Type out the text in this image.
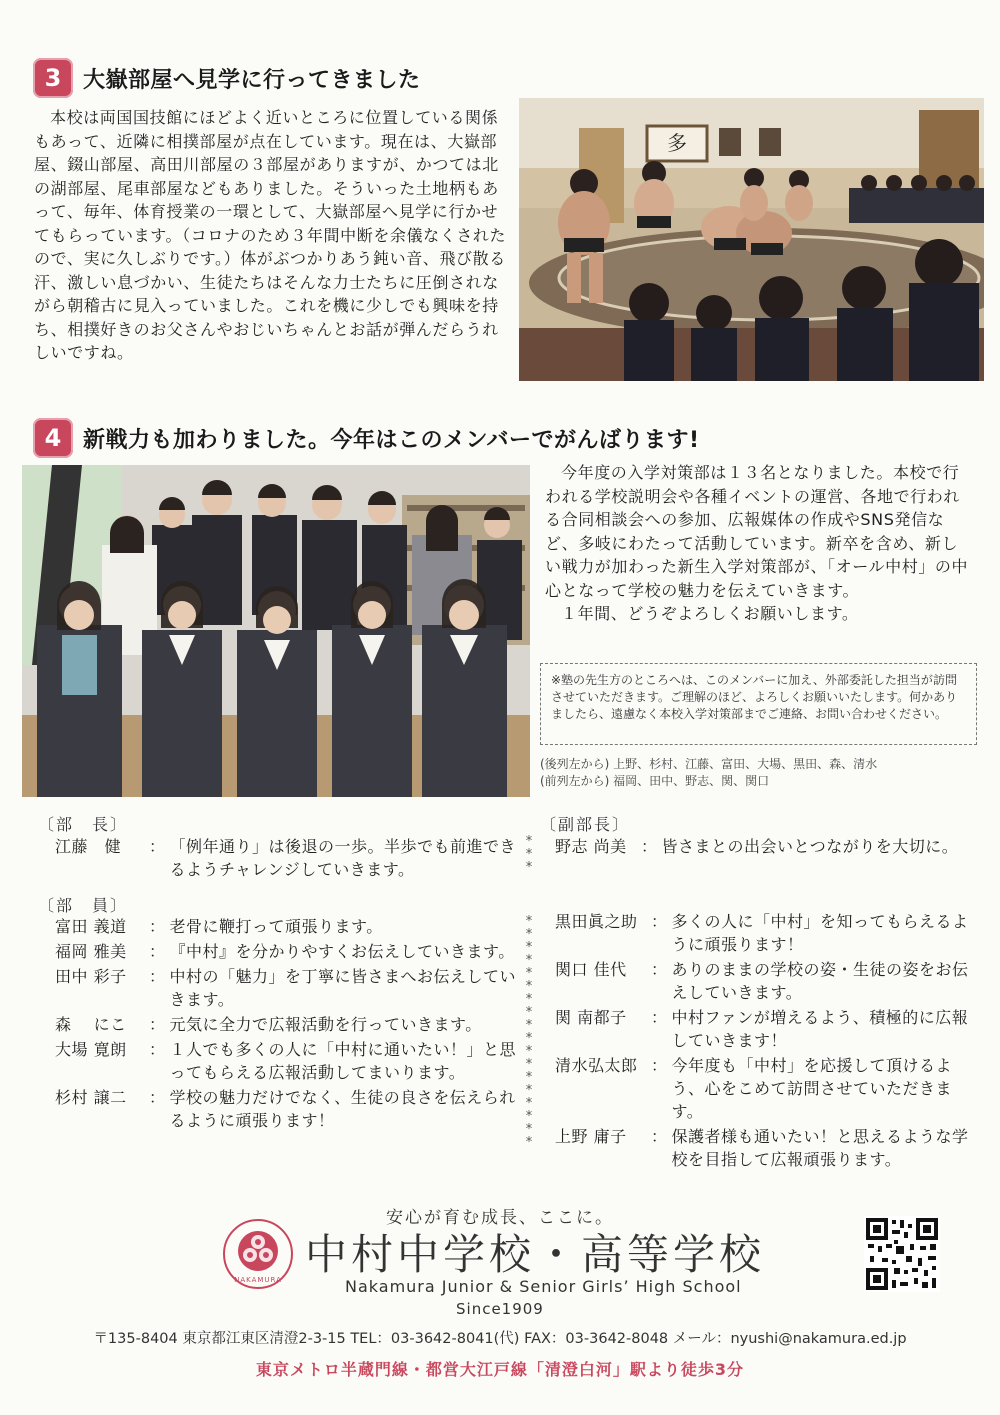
3 大嶽部屋へ見学に行ってきました

本校は両国国技館にほどよく近いところに位置している関係もあって、近隣に相撲部屋が点在しています。現在は、大嶽部屋、錣山部屋、高田川部屋の３部屋がありますが、かつては北の湖部屋、尾車部屋などもありました。そういった土地柄もあって、毎年、体育授業の一環として、大嶽部屋へ見学に行かせてもらっています。（コロナのため３年間中断を余儀なくされたので、実に久しぶりです。）体がぶつかりあう鈍い音、飛び散る汗、激しい息づかい、生徒たちはそんな力士たちに圧倒されながら朝稽古に見入っていました。これを機に少しでも興味を持ち、相撲好きのお父さんやおじいちゃんとお話が弾んだらうれしいですね。

多
4 新戦力も加わりました。今年はこのメンバーでがんばります!

今年度の入学対策部は１３名となりました。本校で行われる学校説明会や各種イベントの運営、各地で行われる合同相談会への参加、広報媒体の作成やSNS発信など、多岐にわたって活動しています。新卒を含め、新しい戦力が加わった新生入学対策部が、「オール中村」の中心となって学校の魅力を伝えていきます。

１年間、どうぞよろしくお願いします。

※塾の先生方のところへは、このメンバーに加え、外部委託した担当が訪問させていただきます。ご理解のほど、よろしくお願いいたします。何かありましたら、遠慮なく本校入学対策部までご連絡、お問い合わせください。
(後列左から) 上野、杉村、江藤、富田、大場、黒田、森、清水
(前列左から) 福岡、田中、野志、関、関口
〔部　長〕	〔副部長〕
江藤　健	： 「例年通り」は後退の一歩。半歩でも前進できるようチャレンジしていきます。
野志 尚美 ： 皆さまとの出会いとつながりを大切に。
〔部　員〕
富田 義道	： 老骨に鞭打って頑張ります。
福岡 雅美	： 『中村』を分かりやすくお伝えしていきます。
田中 彩子	： 中村の「魅力」を丁寧に皆さまへお伝えしていきます。
森　 にこ	： 元気に全力で広報活動を行っていきます。
大場 寛朗	： １人でも多くの人に「中村に通いたい！」と思ってもらえる広報活動してまいります。
杉村 譲二	： 学校の魅力だけでなく、生徒の良さを伝えられるように頑張ります！
黒田眞之助 ： 多くの人に「中村」を知ってもらえるように頑張ります！
関口 佳代	： ありのままの学校の姿・生徒の姿をお伝えしていきます。
関 南都子	： 中村ファンが増えるよう、積極的に広報していきます！
清水弘太郎 ： 今年度も「中村」を応援して頂けるよう、心をこめて訪問させていただきます。
上野 庸子	： 保護者様も通いたい！と思えるような学校を目指して広報頑張ります。
*
*
*
*
*
*
*
*
*
*
*
*
*
*
*
*
*
*
*
*
*

安心が育む成長、ここに。
NAKAMURA
中村中学校・高等学校
Nakamura Junior & Senior Girls’ High School
Since1909
〒135-8404 東京都江東区清澄2-3-15 TEL：03-3642-8041(代) FAX：03-3642-8048 メール：nyushi@nakamura.ed.jp
東京メトロ半蔵門線・都営大江戸線「清澄白河」駅より徒歩3分
